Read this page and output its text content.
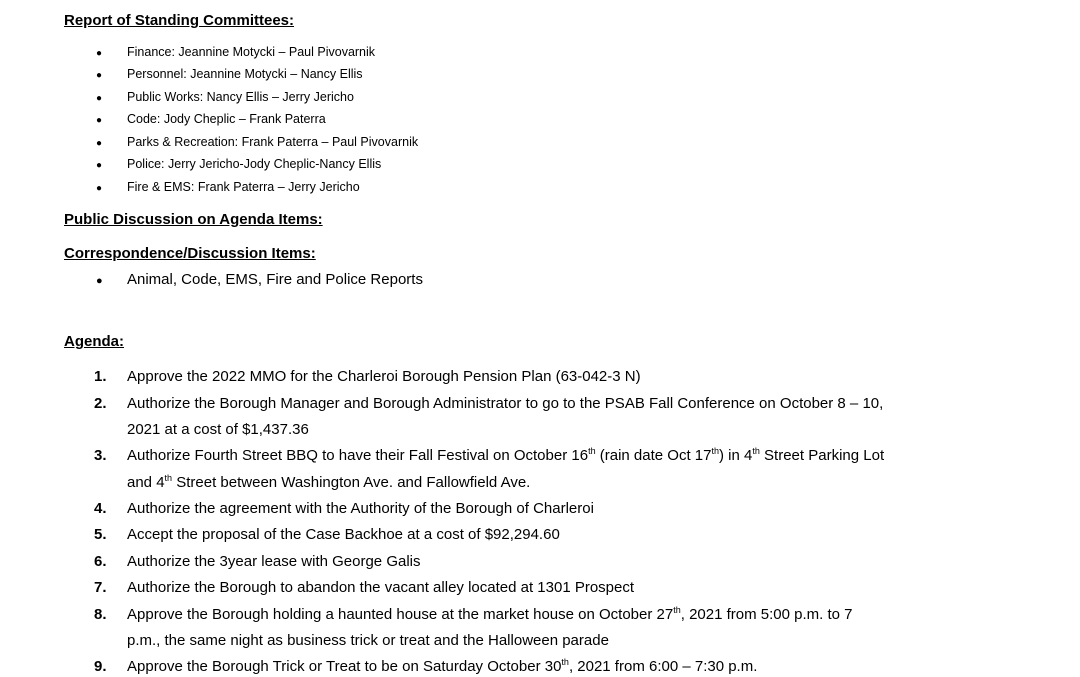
Report of Standing Committees:
● Finance: Jeannine Motycki – Paul Pivovarnik
● Personnel: Jeannine Motycki – Nancy Ellis
● Public Works: Nancy Ellis – Jerry Jericho
● Code: Jody Cheplic – Frank Paterra
● Parks & Recreation: Frank Paterra – Paul Pivovarnik
● Police: Jerry Jericho-Jody Cheplic-Nancy Ellis
● Fire & EMS: Frank Paterra – Jerry Jericho
Public Discussion on Agenda Items:
Correspondence/Discussion Items:
● Animal, Code, EMS, Fire and Police Reports
Agenda:
1. Approve the 2022 MMO for the Charleroi Borough Pension Plan (63-042-3 N)
2. Authorize the Borough Manager and Borough Administrator to go to the PSAB Fall Conference on October 8 – 10,
2021 at a cost of $1,437.36
3. Authorize Fourth Street BBQ to have their Fall Festival on October 16th (rain date Oct 17th) in 4th Street Parking Lot
and 4th Street between Washington Ave. and Fallowfield Ave.
4. Authorize the agreement with the Authority of the Borough of Charleroi
5. Accept the proposal of the Case Backhoe at a cost of $92,294.60
6. Authorize the 3year lease with George Galis
7. Authorize the Borough to abandon the vacant alley located at 1301 Prospect
8. Approve the Borough holding a haunted house at the market house on October 27th, 2021 from 5:00 p.m. to 7
p.m., the same night as business trick or treat and the Halloween parade
9. Approve the Borough Trick or Treat to be on Saturday October 30th, 2021 from 6:00 – 7:30 p.m.
